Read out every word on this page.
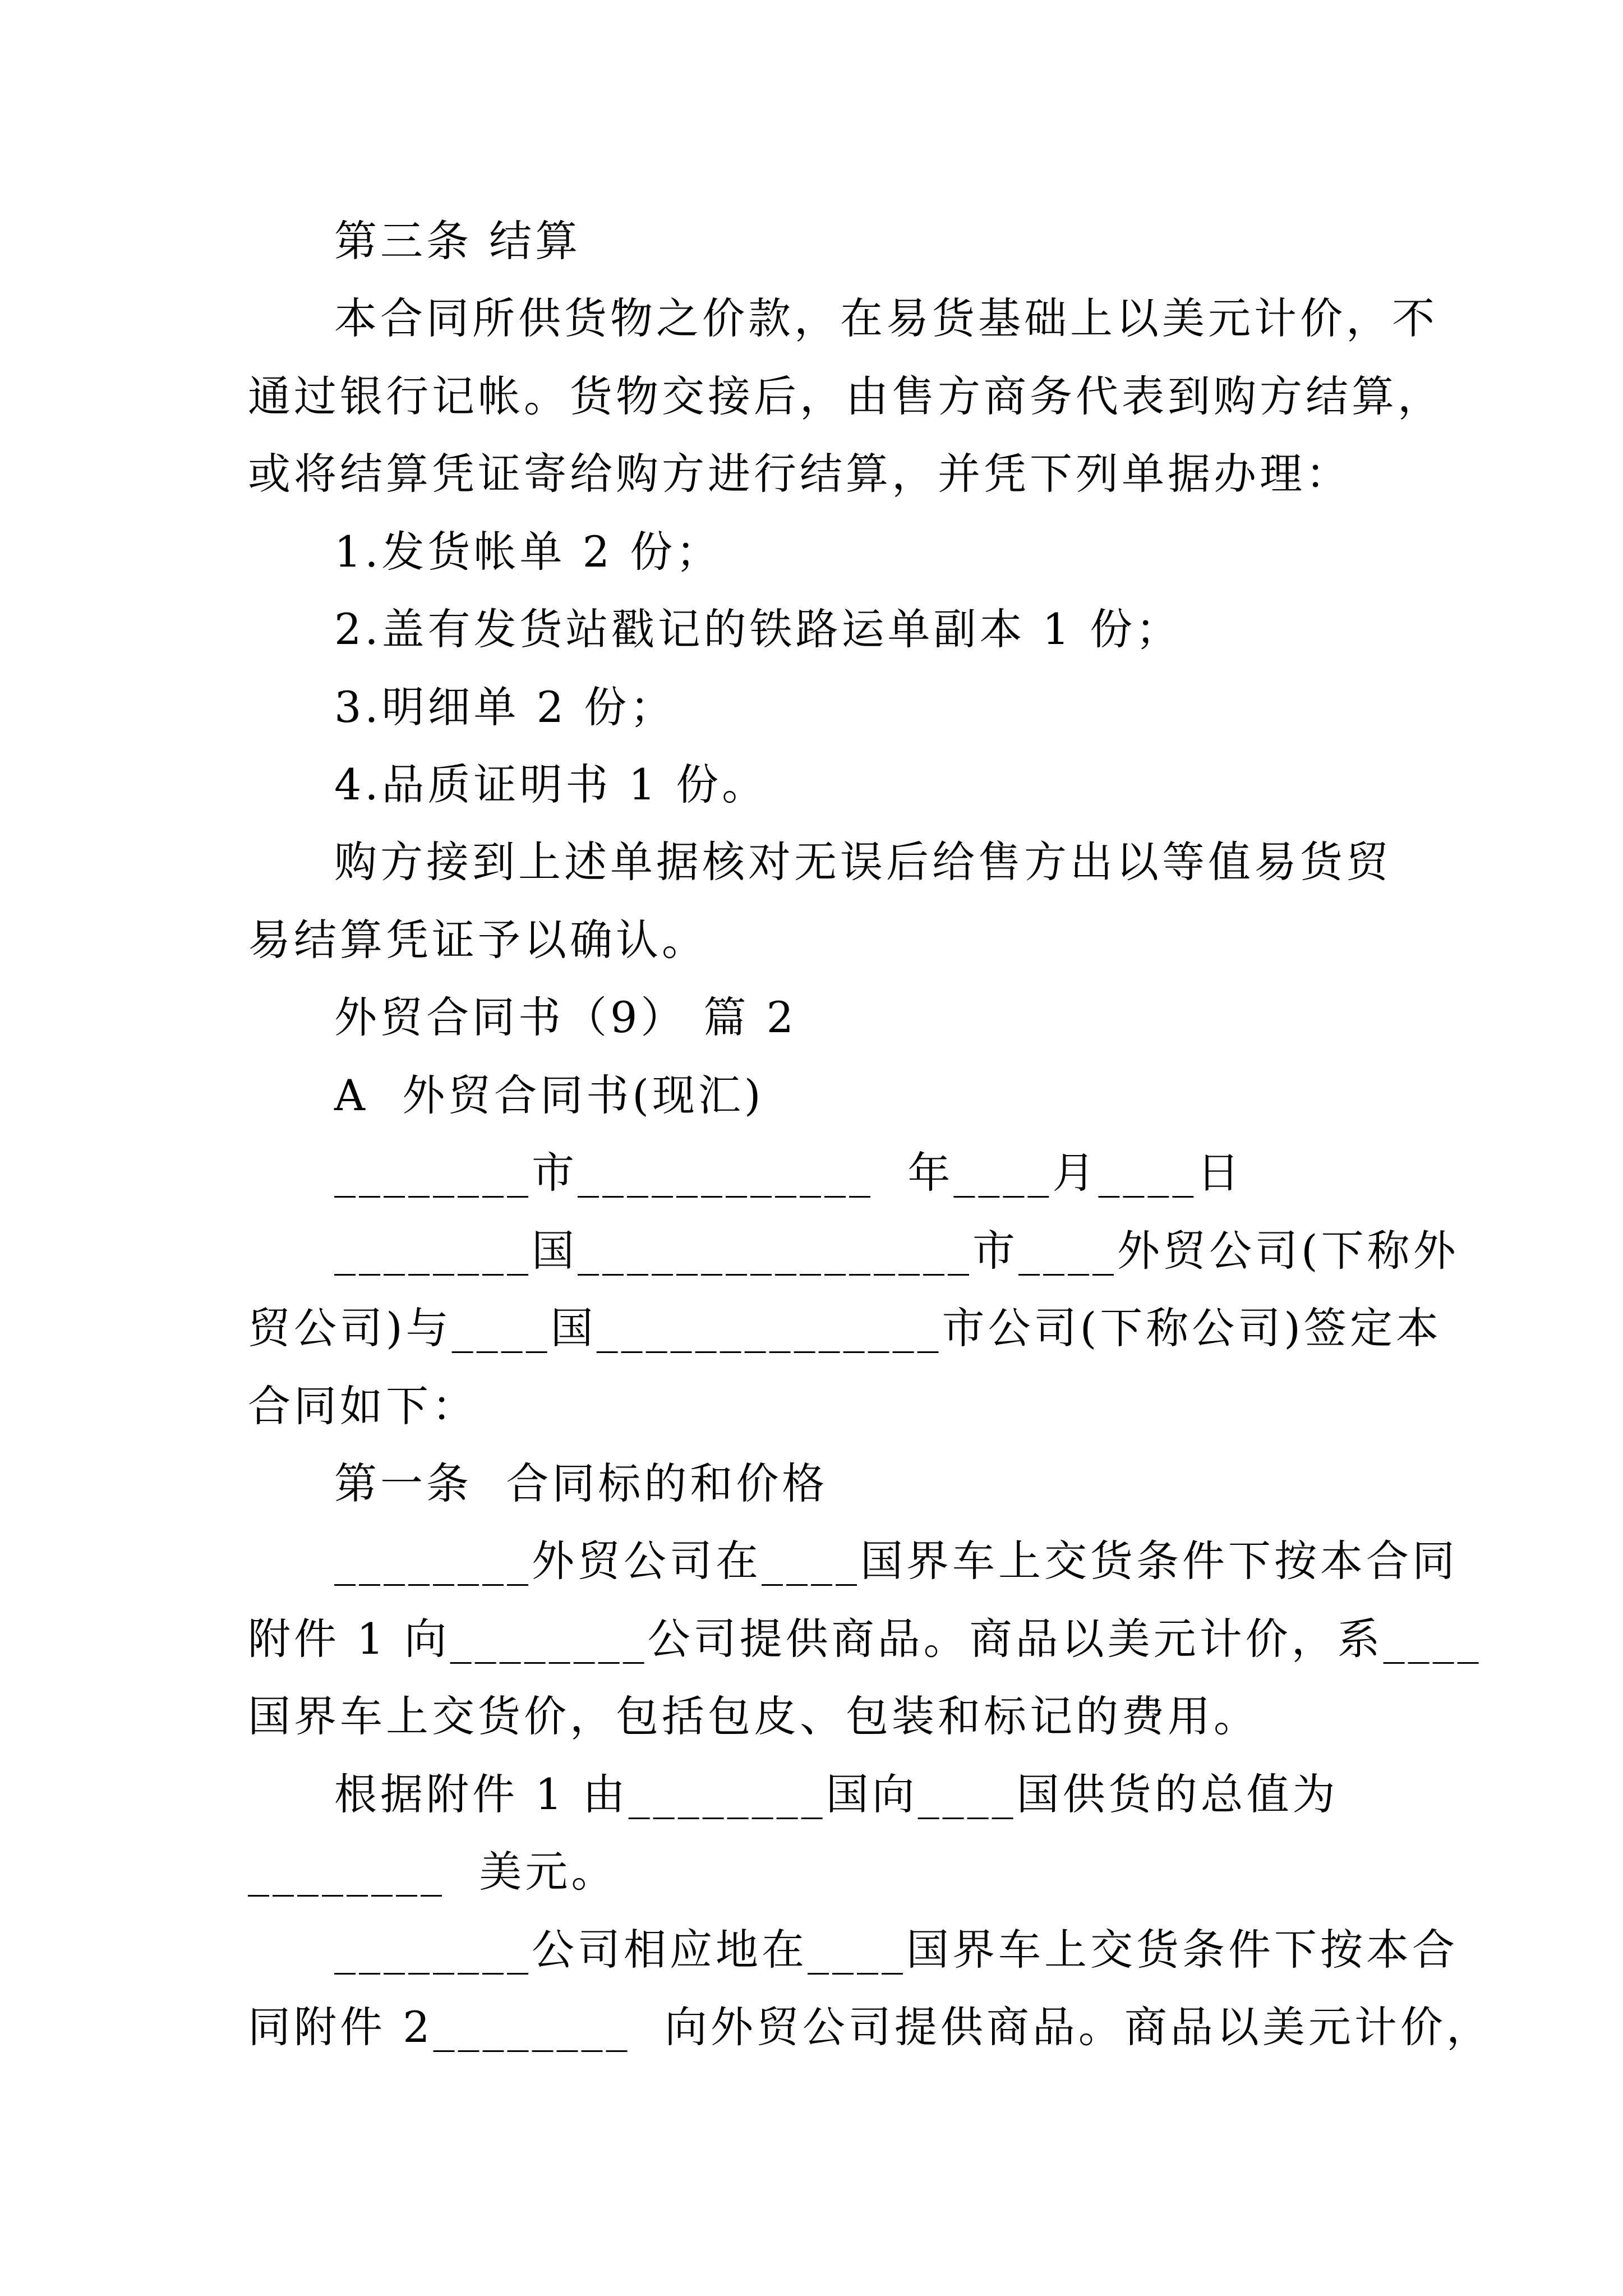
第三条 结算
本合同所供货物之价款，在易货基础上以美元计价，不
通过银行记帐。货物交接后，由售方商务代表到购方结算，
或将结算凭证寄给购方进行结算，并凭下列单据办理：
1.发货帐单 2 份；
2.盖有发货站戳记的铁路运单副本 1 份；
3.明细单 2 份；
4.品质证明书 1 份。
购方接到上述单据核对无误后给售方出以等值易货贸
易结算凭证予以确认。
外贸合同书（9） 篇 2
A  外贸合同书(现汇)
________市____________  年____月____日
________国________________市____外贸公司(下称外
贸公司)与____国______________市公司(下称公司)签定本
合同如下：
第一条  合同标的和价格
________外贸公司在____国界车上交货条件下按本合同
附件 1 向________公司提供商品。商品以美元计价，系____
国界车上交货价，包括包皮、包装和标记的费用。
根据附件 1 由________国向____国供货的总值为
________  美元。
________公司相应地在____国界车上交货条件下按本合
同附件 2________  向外贸公司提供商品。商品以美元计价，
